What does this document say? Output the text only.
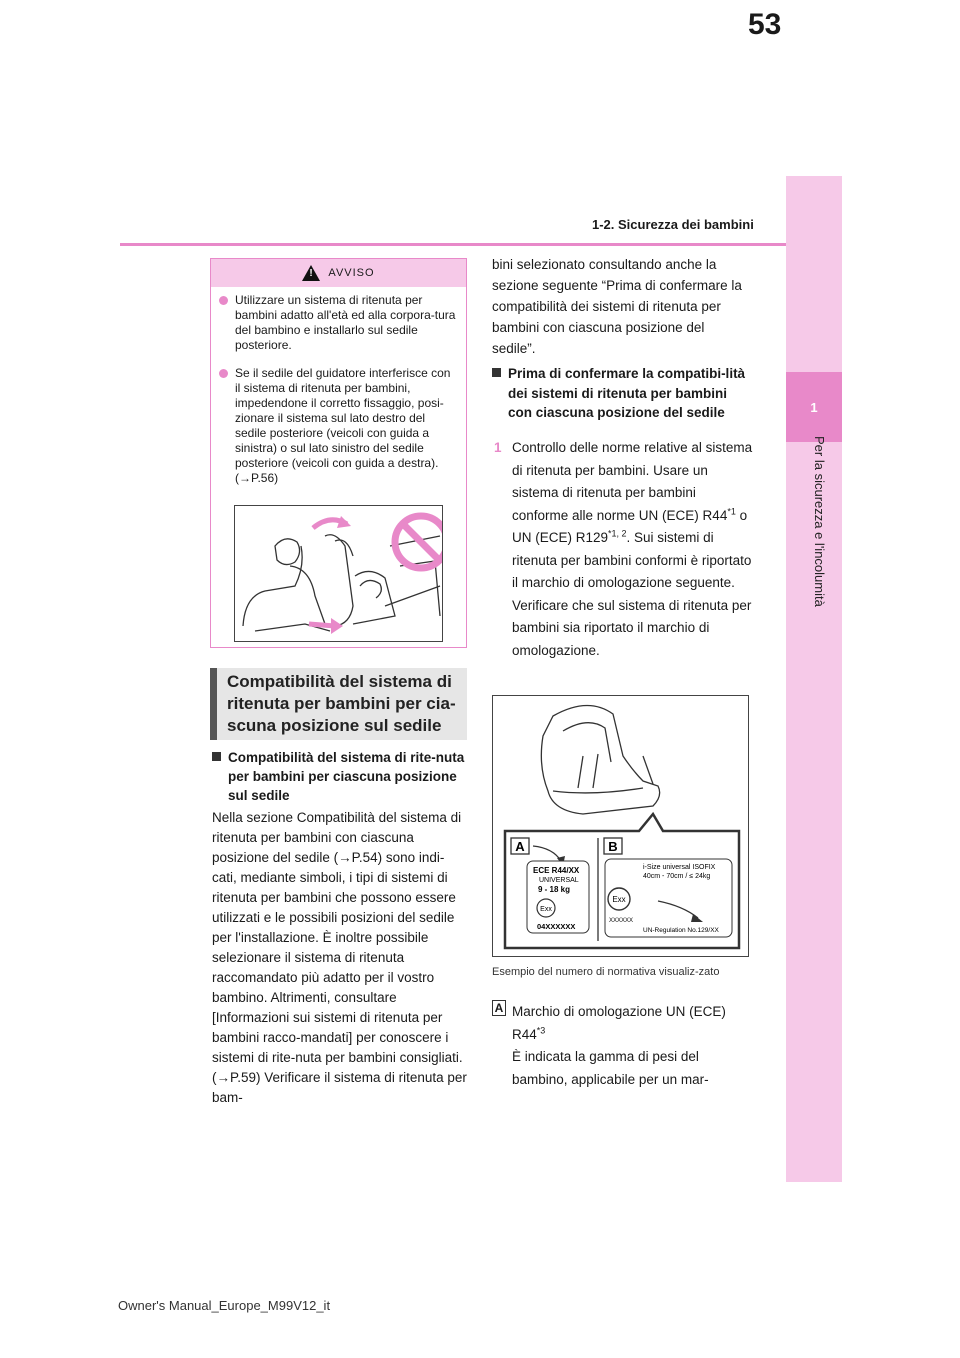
53
1-2. Sicurezza dei bambini
1
Per la sicurezza e l'incolumità
! AVVISO
Utilizzare un sistema di ritenuta per bambini adatto all'età ed alla corpora-tura del bambino e installarlo sul sedile posteriore.
Se il sedile del guidatore interferisce con il sistema di ritenuta per bambini, impedendone il corretto fissaggio, posi-zionare il sistema sul lato destro del sedile posteriore (veicoli con guida a sinistra) o sul lato sinistro del sedile posteriore (veicoli con guida a destra). (→P.56)
Compatibilità del sistema di ritenuta per bambini per cia-scuna posizione sul sedile
Compatibilità del sistema di rite-nuta per bambini per ciascuna posizione sul sedile
Nella sezione Compatibilità del sistema di ritenuta per bambini con ciascuna posizione del sedile (→P.54) sono indi-cati, mediante simboli, i tipi di sistemi di ritenuta per bambini che possono essere utilizzati e le possibili posizioni del sedile per l'installazione. È inoltre possibile selezionare il sistema di ritenuta raccomandato più adatto per il vostro bambino. Altrimenti, consultare [Informazioni sui sistemi di ritenuta per bambini racco-mandati] per conoscere i sistemi di rite-nuta per bambini consigliati. (→P.59) Verificare il sistema di ritenuta per bam-
bini selezionato consultando anche la sezione seguente “Prima di confermare la compatibilità dei sistemi di ritenuta per bambini con ciascuna posizione del sedile”.
Prima di confermare la compatibi-lità dei sistemi di ritenuta per bambini con ciascuna posizione del sedile
1 Controllo delle norme relative al sistema di ritenuta per bambini. Usare un sistema di ritenuta per bambini conforme alle norme UN (ECE) R44$^{*1}$ o UN (ECE) R129$^{*1, 2}$. Sui sistemi di ritenuta per bambini conformi è riportato il marchio di omologazione seguente. Verificare che sul sistema di ritenuta per bambini sia riportato il marchio di omologazione.
A	B
ECE R44/XX
UNIVERSAL
9 - 18 kg
Exx
04XXXXXX
i-Size universal ISOFIX
40cm - 70cm / ≤ 24kg
Exx
XXXXXX
UN-Regulation No.129/XX
Esempio del numero di normativa visualiz-zato
A Marchio di omologazione UN (ECE) R44$^{*3}$
È indicata la gamma di pesi del bambino, applicabile per un mar-
Owner's Manual_Europe_M99V12_it
